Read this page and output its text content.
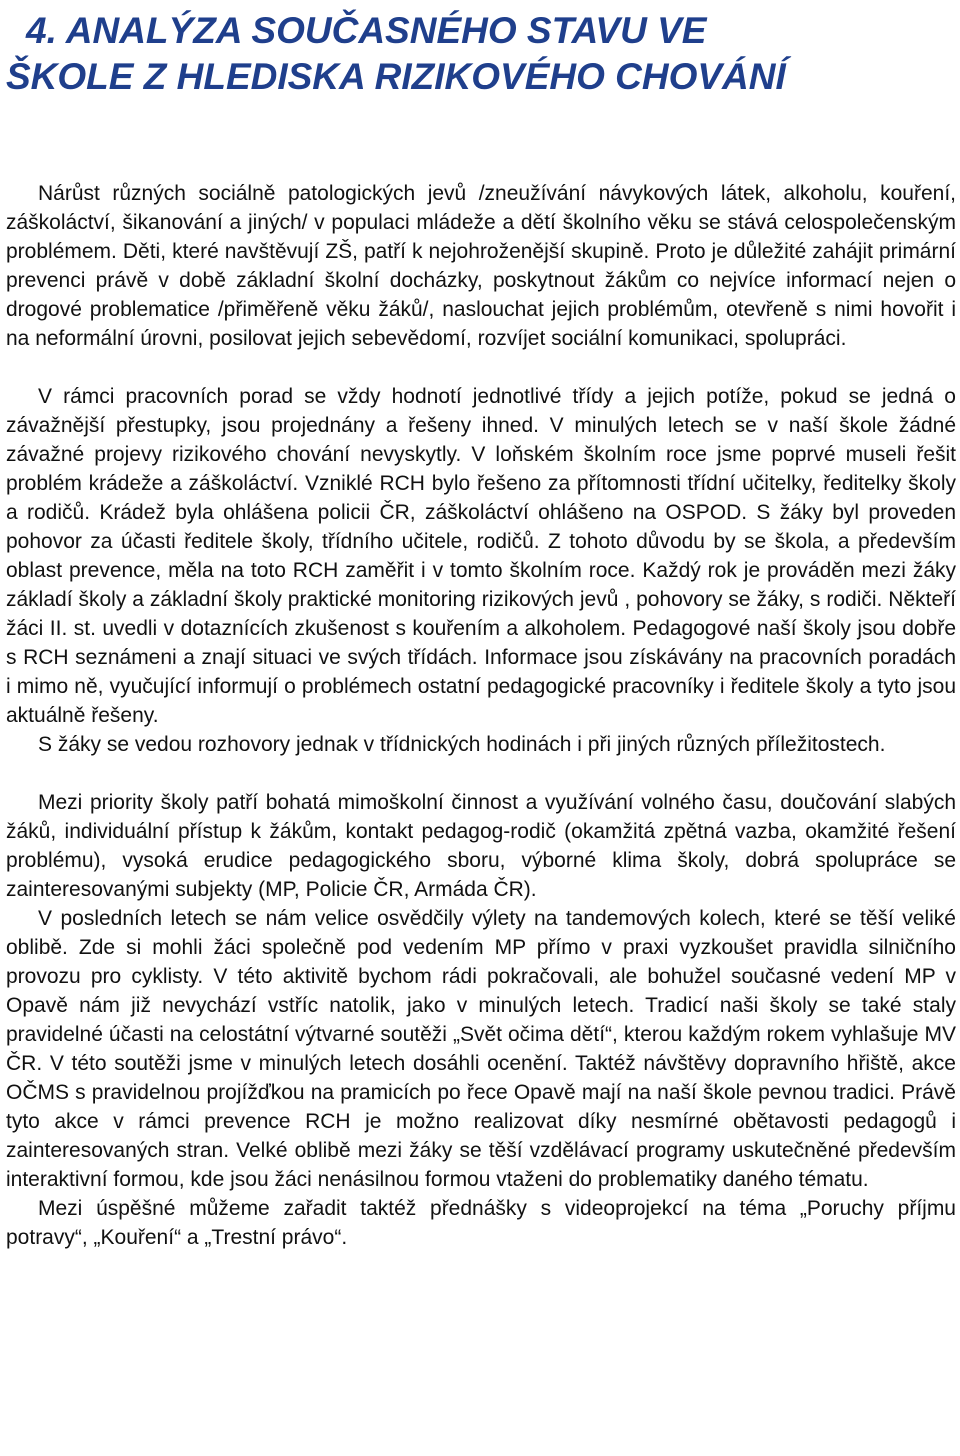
4. ANALÝZA SOUČASNÉHO STAVU VE
ŠKOLE Z HLEDISKA RIZIKOVÉHO CHOVÁNÍ

Nárůst různých sociálně patologických jevů /zneužívání návykových látek, alkoholu, kouření, záškoláctví, šikanování a jiných/ v populaci mládeže a dětí školního věku se stává celospolečenským problémem. Děti, které navštěvují ZŠ, patří k nejohroženější skupině. Proto je důležité zahájit primární prevenci právě v době základní školní docházky, poskytnout žákům co nejvíce informací nejen o drogové problematice /přiměřeně věku žáků/, naslouchat jejich problémům, otevřeně s nimi hovořit i na neformální úrovni, posilovat jejich sebevědomí, rozvíjet sociální komunikaci, spolupráci.

V rámci pracovních porad se vždy hodnotí jednotlivé třídy a jejich potíže, pokud se jedná o závažnější přestupky, jsou projednány a řešeny ihned. V minulých letech se v naší škole žádné závažné projevy rizikového chování nevyskytly. V loňském školním roce jsme poprvé museli řešit problém krádeže a záškoláctví. Vzniklé RCH bylo řešeno za přítomnosti třídní učitelky, ředitelky školy a rodičů. Krádež byla ohlášena policii ČR, záškoláctví ohlášeno na OSPOD. S žáky byl proveden pohovor za účasti ředitele školy, třídního učitele, rodičů. Z tohoto důvodu by se škola, a především oblast prevence, měla na toto RCH zaměřit i v tomto školním roce. Každý rok je prováděn mezi žáky základí školy a základní školy praktické monitoring rizikových jevů , pohovory se žáky, s rodiči. Někteří žáci II. st. uvedli v dotaznících zkušenost s kouřením a alkoholem. Pedagogové naší školy jsou dobře s RCH seznámeni a znají situaci ve svých třídách. Informace jsou získávány na pracovních poradách i mimo ně, vyučující informují o problémech ostatní pedagogické pracovníky i ředitele školy a tyto jsou aktuálně řešeny.

S žáky se vedou rozhovory jednak v třídnických hodinách i při jiných různých příležitostech.

Mezi priority školy patří bohatá mimoškolní činnost a využívání volného času, doučování slabých žáků, individuální přístup k žákům, kontakt pedagog-rodič (okamžitá zpětná vazba, okamžité řešení problému), vysoká erudice pedagogického sboru, výborné klima školy, dobrá spolupráce se zainteresovanými subjekty (MP, Policie ČR, Armáda ČR).

V posledních letech se nám velice osvědčily výlety na tandemových kolech, které se těší veliké oblibě. Zde si mohli žáci společně pod vedením MP přímo v praxi vyzkoušet pravidla silničního provozu pro cyklisty. V této aktivitě bychom rádi pokračovali, ale bohužel současné vedení MP v Opavě nám již nevychází vstříc natolik, jako v minulých letech. Tradicí naši školy se také staly pravidelné účasti na celostátní výtvarné soutěži „Svět očima dětí“, kterou každým rokem vyhlašuje MV ČR. V této soutěži jsme v minulých letech dosáhli ocenění. Taktéž návštěvy dopravního hřiště, akce OČMS s pravidelnou projížďkou na pramicích po řece Opavě mají na naší škole pevnou tradici. Právě tyto akce v rámci prevence RCH je možno realizovat díky nesmírné obětavosti pedagogů i zainteresovaných stran. Velké oblibě mezi žáky se těší vzdělávací programy uskutečněné především interaktivní formou, kde jsou žáci nenásilnou formou vtaženi do problematiky daného tématu.

Mezi úspěšné můžeme zařadit taktéž přednášky s videoprojekcí na téma „Poruchy příjmu potravy“, „Kouření“ a „Trestní právo“.
